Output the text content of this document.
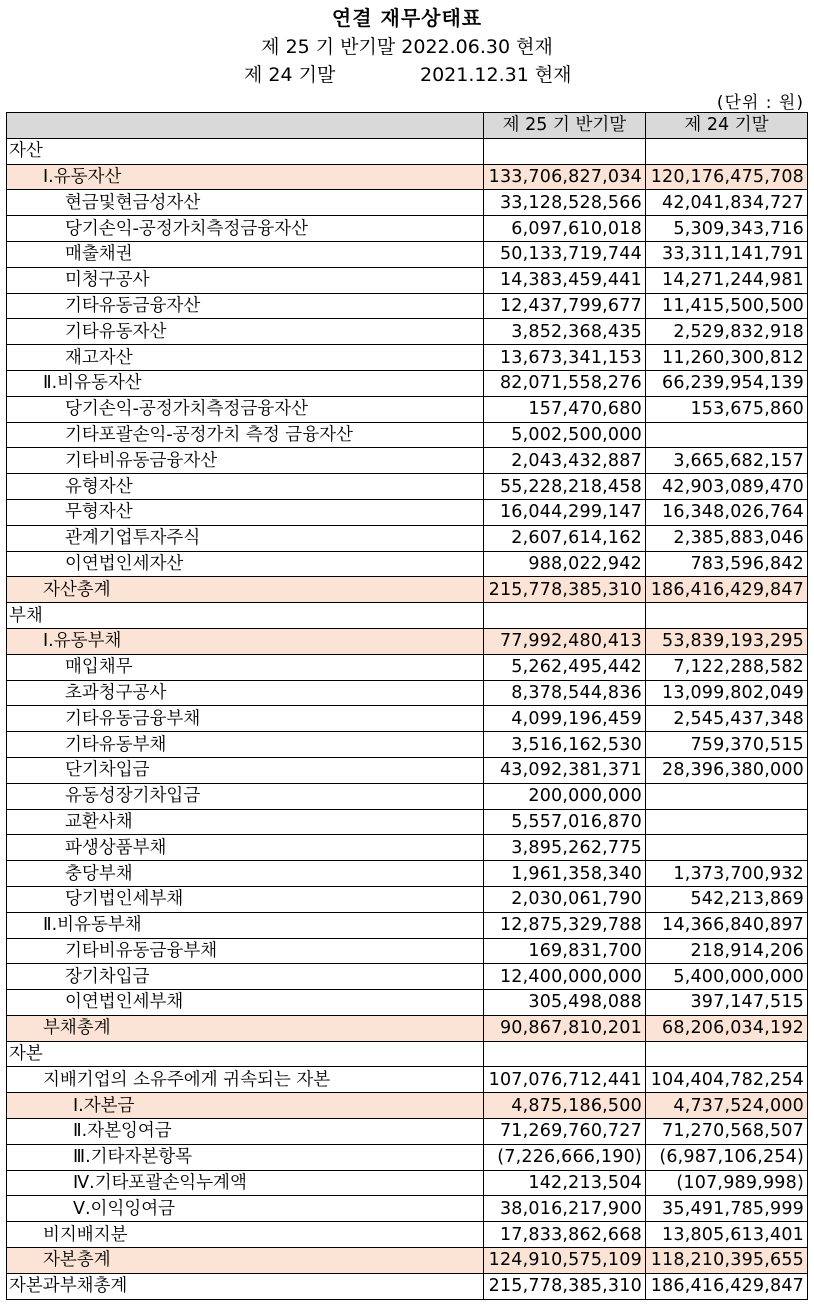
연결 재무상태표
제 25 기 반기말 2022.06.30 현재
제 24 기말	2021.12.31 현재
(단위 : 원)
	제 25 기 반기말	제 24 기말
자산		
Ⅰ.유동자산	133,706,827,034	120,176,475,708
현금및현금성자산	33,128,528,566	42,041,834,727
당기손익-공정가치측정금융자산	6,097,610,018	5,309,343,716
매출채권	50,133,719,744	33,311,141,791
미청구공사	14,383,459,441	14,271,244,981
기타유동금융자산	12,437,799,677	11,415,500,500
기타유동자산	3,852,368,435	2,529,832,918
재고자산	13,673,341,153	11,260,300,812
Ⅱ.비유동자산	82,071,558,276	66,239,954,139
당기손익-공정가치측정금융자산	157,470,680	153,675,860
기타포괄손익-공정가치 측정 금융자산	5,002,500,000	
기타비유동금융자산	2,043,432,887	3,665,682,157
유형자산	55,228,218,458	42,903,089,470
무형자산	16,044,299,147	16,348,026,764
관계기업투자주식	2,607,614,162	2,385,883,046
이연법인세자산	988,022,942	783,596,842
자산총계	215,778,385,310	186,416,429,847
부채		
Ⅰ.유동부채	77,992,480,413	53,839,193,295
매입채무	5,262,495,442	7,122,288,582
초과청구공사	8,378,544,836	13,099,802,049
기타유동금융부채	4,099,196,459	2,545,437,348
기타유동부채	3,516,162,530	759,370,515
단기차입금	43,092,381,371	28,396,380,000
유동성장기차입금	200,000,000	
교환사채	5,557,016,870	
파생상품부채	3,895,262,775	
충당부채	1,961,358,340	1,373,700,932
당기법인세부채	2,030,061,790	542,213,869
Ⅱ.비유동부채	12,875,329,788	14,366,840,897
기타비유동금융부채	169,831,700	218,914,206
장기차입금	12,400,000,000	5,400,000,000
이연법인세부채	305,498,088	397,147,515
부채총계	90,867,810,201	68,206,034,192
자본		
지배기업의 소유주에게 귀속되는 자본	107,076,712,441	104,404,782,254
Ⅰ.자본금	4,875,186,500	4,737,524,000
Ⅱ.자본잉여금	71,269,760,727	71,270,568,507
Ⅲ.기타자본항목	(7,226,666,190)	(6,987,106,254)
Ⅳ.기타포괄손익누계액	142,213,504	(107,989,998)
Ⅴ.이익잉여금	38,016,217,900	35,491,785,999
비지배지분	17,833,862,668	13,805,613,401
자본총계	124,910,575,109	118,210,395,655
자본과부채총계	215,778,385,310	186,416,429,847
